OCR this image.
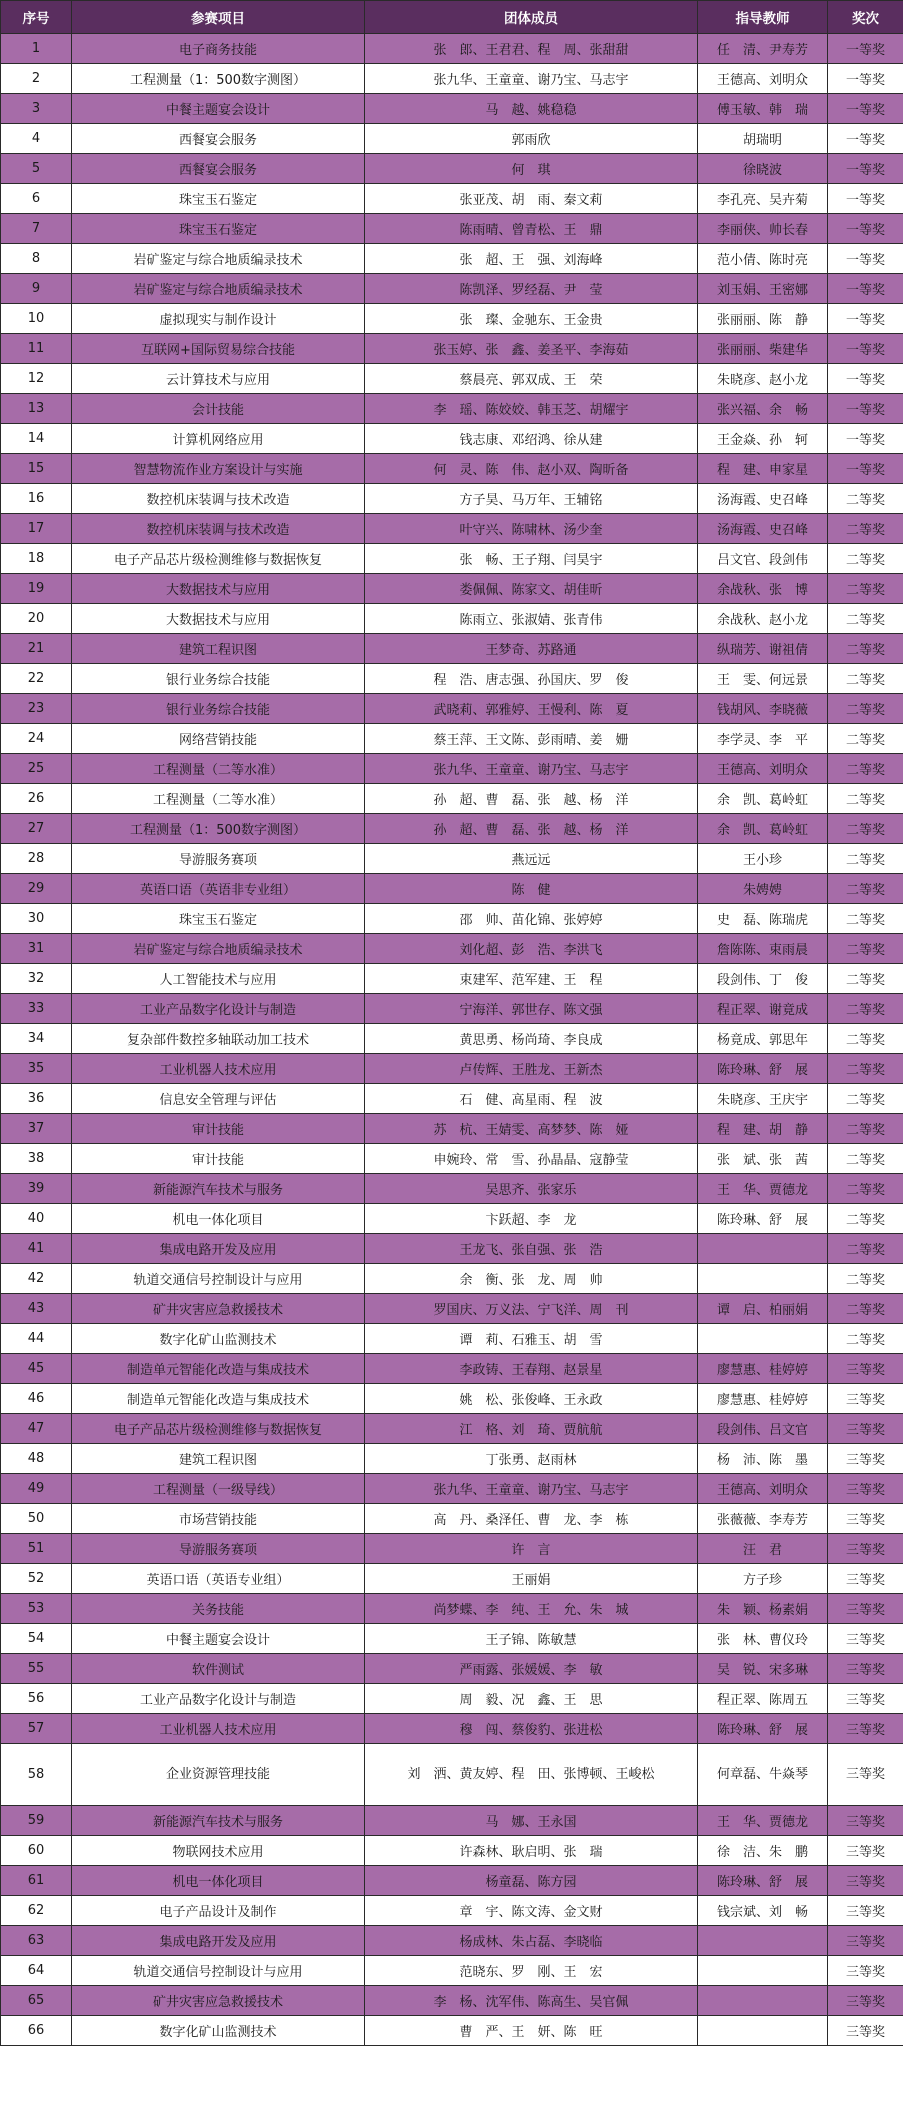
序号	参赛项目	团体成员	指导教师	奖次
1	电子商务技能	张　郎、王君君、程　周、张甜甜	任　清、尹寿芳	一等奖
2	工程测量（1：500数字测图）	张九华、王童童、谢乃宝、马志宇	王德高、刘明众	一等奖
3	中餐主题宴会设计	马　越、姚稳稳	傅玉敏、韩　瑞	一等奖
4	西餐宴会服务	郭雨欣	胡瑞明	一等奖
5	西餐宴会服务	何　琪	徐晓波	一等奖
6	珠宝玉石鉴定	张亚茂、胡　雨、秦文莉	李孔亮、吴卉菊	一等奖
7	珠宝玉石鉴定	陈雨晴、曾青松、王　鼎	李丽侠、帅长春	一等奖
8	岩矿鉴定与综合地质编录技术	张　超、王　强、刘海峰	范小倩、陈时亮	一等奖
9	岩矿鉴定与综合地质编录技术	陈凯泽、罗经磊、尹　莹	刘玉娟、王密娜	一等奖
10	虚拟现实与制作设计	张　璨、金驰东、王金贵	张丽丽、陈　静	一等奖
11	互联网+国际贸易综合技能	张玉婷、张　鑫、姜圣平、李海茹	张丽丽、柴建华	一等奖
12	云计算技术与应用	蔡晨亮、郭双成、王　荣	朱晓彦、赵小龙	一等奖
13	会计技能	李　瑶、陈姣姣、韩玉芝、胡耀宇	张兴福、余　畅	一等奖
14	计算机网络应用	钱志康、邓绍鸿、徐从建	王金焱、孙　轲	一等奖
15	智慧物流作业方案设计与实施	何　灵、陈　伟、赵小双、陶昕备	程　建、申家星	一等奖
16	数控机床装调与技术改造	方子昊、马万年、王辅铭	汤海霞、史召峰	二等奖
17	数控机床装调与技术改造	叶守兴、陈啸林、汤少奎	汤海霞、史召峰	二等奖
18	电子产品芯片级检测维修与数据恢复	张　畅、王子翔、闫昊宇	吕文官、段剑伟	二等奖
19	大数据技术与应用	娄佩佩、陈家文、胡佳昕	余战秋、张　博	二等奖
20	大数据技术与应用	陈雨立、张淑婧、张青伟	余战秋、赵小龙	二等奖
21	建筑工程识图	王梦奇、苏路通	纵瑞芳、谢祖倩	二等奖
22	银行业务综合技能	程　浩、唐志强、孙国庆、罗　俊	王　雯、何远景	二等奖
23	银行业务综合技能	武晓莉、郭雅婷、王慢利、陈　夏	钱胡风、李晓薇	二等奖
24	网络营销技能	蔡王萍、王文陈、彭雨晴、姜　姗	李学灵、李　平	二等奖
25	工程测量（二等水准）	张九华、王童童、谢乃宝、马志宇	王德高、刘明众	二等奖
26	工程测量（二等水准）	孙　超、曹　磊、张　越、杨　洋	余　凯、葛岭虹	二等奖
27	工程测量（1：500数字测图）	孙　超、曹　磊、张　越、杨　洋	余　凯、葛岭虹	二等奖
28	导游服务赛项	燕远远	王小珍	二等奖
29	英语口语（英语非专业组）	陈　健	朱娉娉	二等奖
30	珠宝玉石鉴定	邵　帅、苗化锦、张婷婷	史　磊、陈瑞虎	二等奖
31	岩矿鉴定与综合地质编录技术	刘化超、彭　浩、李洪飞	詹陈陈、束雨晨	二等奖
32	人工智能技术与应用	束建军、范军建、王　程	段剑伟、丁　俊	二等奖
33	工业产品数字化设计与制造	宁海洋、郭世存、陈文强	程正翠、谢竟成	二等奖
34	复杂部件数控多轴联动加工技术	黄思勇、杨尚琦、李良成	杨竟成、郭思年	二等奖
35	工业机器人技术应用	卢传辉、王胜龙、王新杰	陈玲琳、舒　展	二等奖
36	信息安全管理与评估	石　健、高星雨、程　波	朱晓彦、王庆宇	二等奖
37	审计技能	苏　杭、王婧雯、高梦梦、陈　娅	程　建、胡　静	二等奖
38	审计技能	申婉玲、常　雪、孙晶晶、寇静莹	张　斌、张　茜	二等奖
39	新能源汽车技术与服务	吴思齐、张家乐	王　华、贾德龙	二等奖
40	机电一体化项目	卞跃超、李　龙	陈玲琳、舒　展	二等奖
41	集成电路开发及应用	王龙飞、张自强、张　浩		二等奖
42	轨道交通信号控制设计与应用	余　衡、张　龙、周　帅		二等奖
43	矿井灾害应急救援技术	罗国庆、万义法、宁飞洋、周　刊	谭　启、柏丽娟	二等奖
44	数字化矿山监测技术	谭　莉、石雅玉、胡　雪		二等奖
45	制造单元智能化改造与集成技术	李政铸、王春翔、赵景星	廖慧惠、桂婷婷	三等奖
46	制造单元智能化改造与集成技术	姚　松、张俊峰、王永政	廖慧惠、桂婷婷	三等奖
47	电子产品芯片级检测维修与数据恢复	江　格、刘　琦、贾航航	段剑伟、吕文官	三等奖
48	建筑工程识图	丁张勇、赵雨林	杨　沛、陈　墨	三等奖
49	工程测量（一级导线）	张九华、王童童、谢乃宝、马志宇	王德高、刘明众	三等奖
50	市场营销技能	高　丹、桑泽任、曹　龙、李　栋	张薇薇、李寿芳	三等奖
51	导游服务赛项	许　言	汪　君	三等奖
52	英语口语（英语专业组）	王丽娟	方子珍	三等奖
53	关务技能	尚梦蝶、李　纯、王　允、朱　城	朱　颖、杨素娟	三等奖
54	中餐主题宴会设计	王子锦、陈敏慧	张　林、曹仪玲	三等奖
55	软件测试	严雨露、张媛媛、李　敏	吴　锐、宋多琳	三等奖
56	工业产品数字化设计与制造	周　毅、况　鑫、王　思	程正翠、陈周五	三等奖
57	工业机器人技术应用	穆　闯、蔡俊豹、张进松	陈玲琳、舒　展	三等奖
58	企业资源管理技能	刘　洒、黄友婷、程　田、张博顿、王峻松	何章磊、牛焱琴	三等奖
59	新能源汽车技术与服务	马　娜、王永国	王　华、贾德龙	三等奖
60	物联网技术应用	许森林、耿启明、张　瑞	徐　洁、朱　鹏	三等奖
61	机电一体化项目	杨童磊、陈方园	陈玲琳、舒　展	三等奖
62	电子产品设计及制作	章　宇、陈文涛、金文财	钱宗斌、刘　畅	三等奖
63	集成电路开发及应用	杨成林、朱占磊、李晓临		三等奖
64	轨道交通信号控制设计与应用	范晓东、罗　刚、王　宏		三等奖
65	矿井灾害应急救援技术	李　杨、沈军伟、陈高生、吴官佩		三等奖
66	数字化矿山监测技术	曹　严、王　妍、陈　旺		三等奖
